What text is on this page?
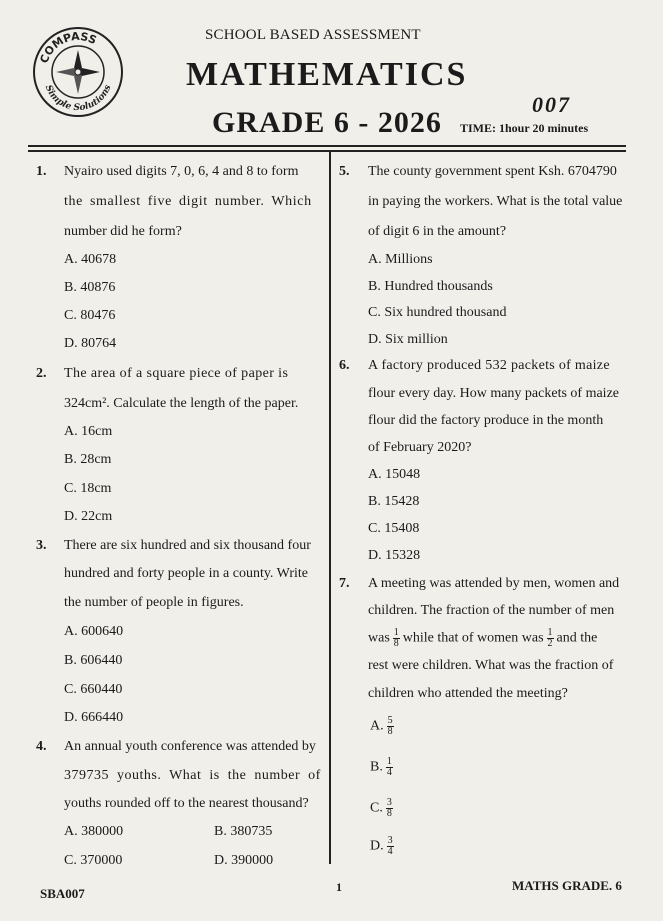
COMPASS
Simple Solutions
SCHOOL BASED ASSESSMENT
MATHEMATICS
007
GRADE 6 - 2026 TIME: 1hour 20 minutes
1. Nyairo used digits 7, 0, 6, 4 and 8 to form
the smallest five digit number. Which
number did he form?
A. 40678
B. 40876
C. 80476
D. 80764
2. The area of a square piece of paper is
324cm². Calculate the length of the paper.
A. 16cm
B. 28cm
C. 18cm
D. 22cm
3. There are six hundred and six thousand four
hundred and forty people in a county. Write
the number of people in figures.
A. 600640
B. 606440
C. 660440
D. 666440
4. An annual youth conference was attended by
379735 youths. What is the number of
youths rounded off to the nearest thousand?
A. 380000	B. 380735
C. 370000	D. 390000
5. The county government spent Ksh. 6704790
in paying the workers. What is the total value
of digit 6 in the amount?
A. Millions
B. Hundred thousands
C. Six hundred thousand
D. Six million
6. A factory produced 532 packets of maize
flour every day. How many packets of maize
flour did the factory produce in the month
of February 2020?
A. 15048
B. 15428
C. 15408
D. 15328
7. A meeting was attended by men, women and
children. The fraction of the number of men
was $\frac{1}{8}$ while that of women was $\frac{1}{2}$ and the
rest were children. What was the fraction of
children who attended the meeting?
A. $\frac{5}{8}$
B. $\frac{1}{4}$
C. $\frac{3}{8}$
D. $\frac{3}{4}$
SBA007	1	MATHS GRADE. 6
